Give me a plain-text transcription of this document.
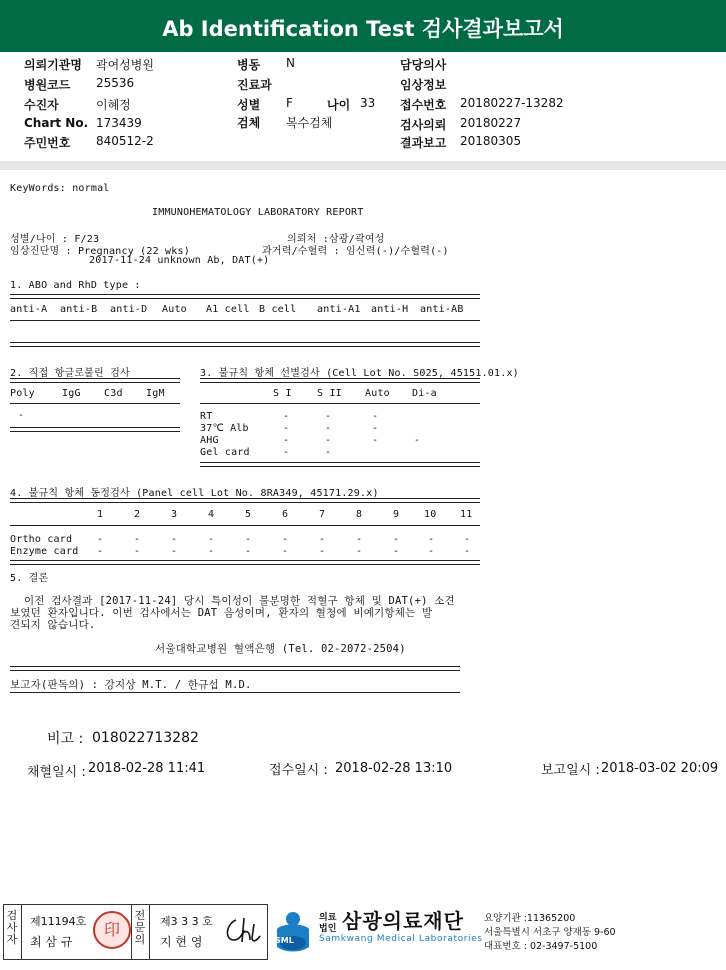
Ab Identification Test 검사결과보고서
의뢰기관명 곽여성병원
병원코드 25536
수진자	이혜정
Chart No. 173439
주민번호 840512-2
병동 N
진료과
성별 F	나이 33
검체 복수검체
담당의사
임상정보
접수번호 20180227-13282
검사의뢰 20180227
결과보고 20180305
KeyWords: normal
IMMUNOHEMATOLOGY LABORATORY REPORT
성별/나이 : F/23	의뢰처 :삼광/곽여성
임상진단명 : Pregnancy (22 wks)	과거력/수혈력 : 임신력(-)/수혈력(-)
2017-11-24 unknown Ab, DAT(+)
1. ABO and RhD type :
anti-A anti-B anti-D Auto A1 cell B cell anti-A1 anti-H anti-AB
2. 직접 항글로불린 검사
Poly	IgG C3d IgM
-
3. 불규칙 항체 선별검사 (Cell Lot No. S025, 45151.01.x)
S I	S II Auto Di-a
RT	-	-	-
37℃ Alb	-	-	-
AHG	-	-	-	-
Gel card	-	-
4. 불규칙 항체 동정검사 (Panel cell Lot No. 8RA349, 45171.29.x)
1	2	3	4	5	6	7	8	9 10 11
Ortho card -	-	-	-	-	-	-	-	-	-	-
Enzyme card -	-	-	-	-	-	-	-	-	-	-
5. 결론
이전 검사결과 [2017-11-24] 당시 특이성이 불분명한 적혈구 항체 및 DAT(+) 소견
보였던 환자입니다. 이번 검사에서는 DAT 음성이며, 환자의 혈청에 비예기항체는 발
견되지 않습니다.
서울대학교병원 혈액은행 (Tel. 02-2072-2504)
보고자(판독의) : 강지상 M.T. / 한규섭 M.D.
비고 : 018022713282
채혈일시 : 2018-02-28 11:41	접수일시 : 2018-02-28 13:10	보고일시 : 2018-03-02 20:09
검사자
제11194호
최 삼 규
印
전문의
제3 3 3 호
지 현 영	SML
의료
법인 삼광의료재단
Samkwang Medical Laboratories
요양기관 :11365200
서울특별시 서초구 양재동 9-60
대표번호 : 02-3497-5100
